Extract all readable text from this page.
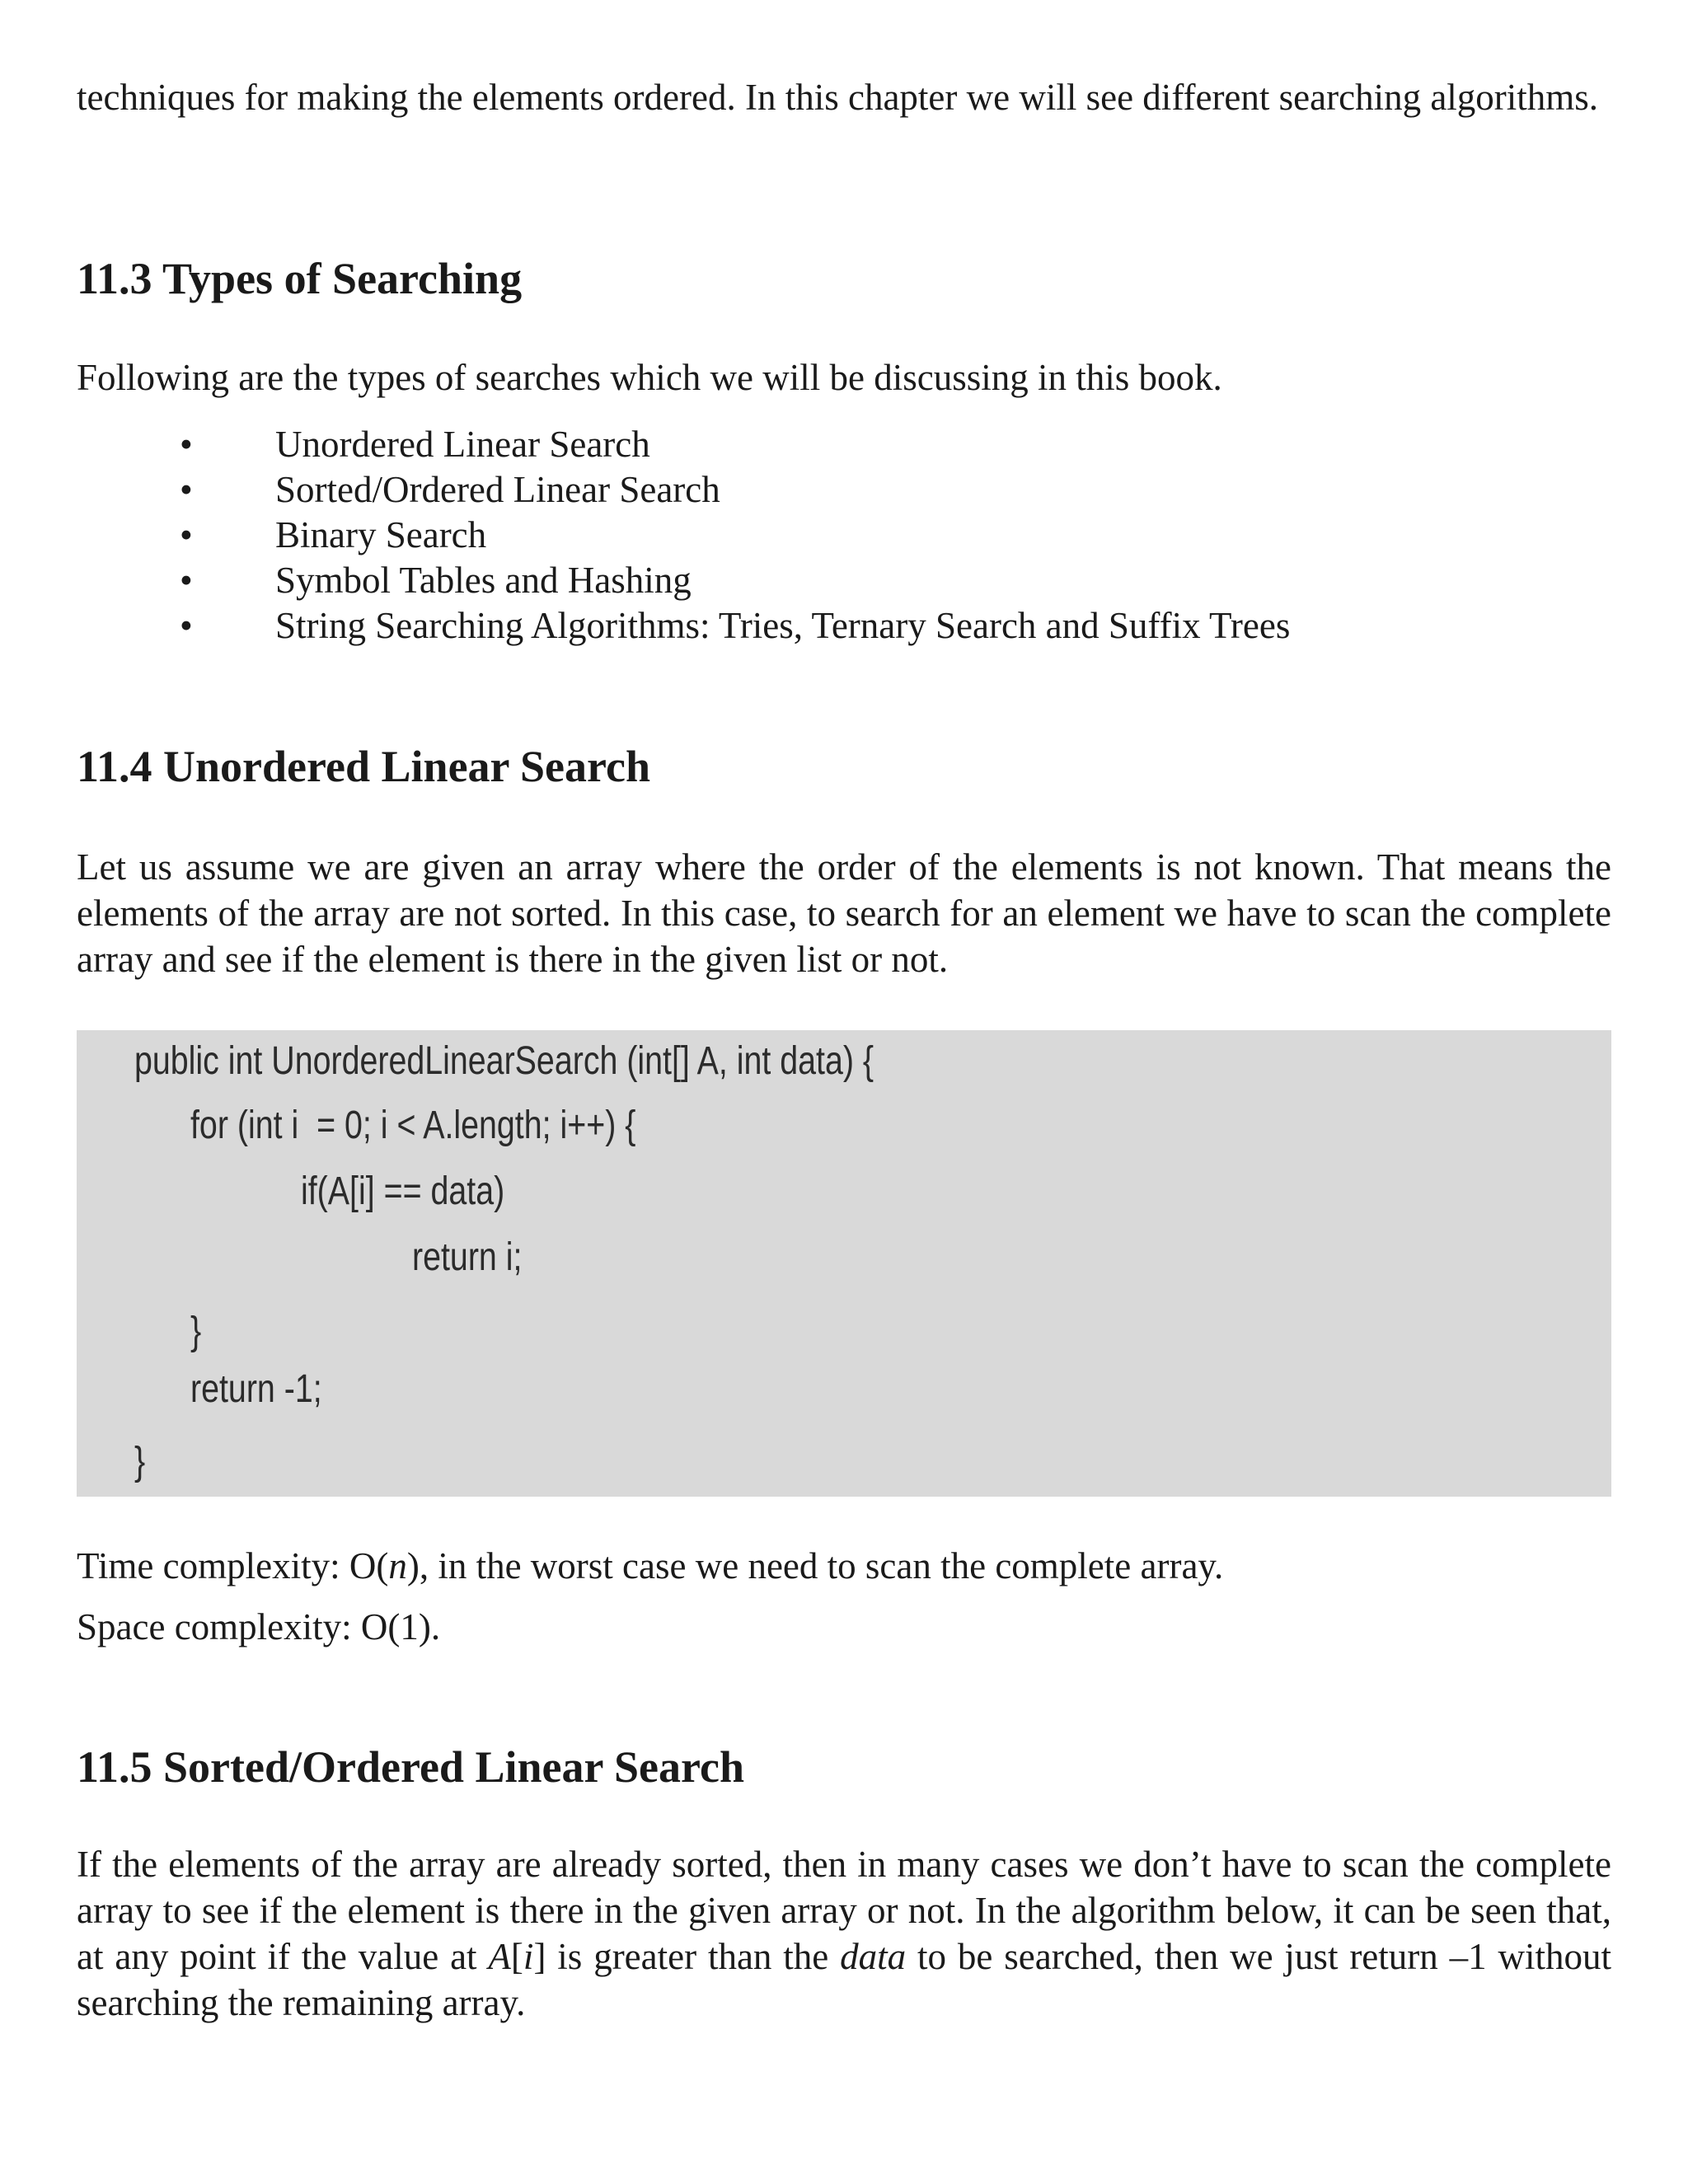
techniques for making the elements ordered. In this chapter we will see different searching algorithms.

11.3 Types of Searching

Following are the types of searches which we will be discussing in this book.

• Unordered Linear Search
• Sorted/Ordered Linear Search
• Binary Search
• Symbol Tables and Hashing
• String Searching Algorithms: Tries, Ternary Search and Suffix Trees
11.4 Unordered Linear Search

Let us assume we are given an array where the order of the elements is not known. That means the elements of the array are not sorted. In this case, to search for an element we have to scan the complete array and see if the element is there in the given list or not.

public int UnorderedLinearSearch (int[] A, int data) {
for (int i  = 0; i < A.length; i++) {
if(A[i] == data)
return i;
}
return -1;
}

Time complexity: O(n), in the worst case we need to scan the complete array.

Space complexity: O(1).

11.5 Sorted/Ordered Linear Search

If the elements of the array are already sorted, then in many cases we don’t have to scan the complete array to see if the element is there in the given array or not. In the algorithm below, it can be seen that, at any point if the value at A[i] is greater than the data to be searched, then we just return –1 without searching the remaining array.
